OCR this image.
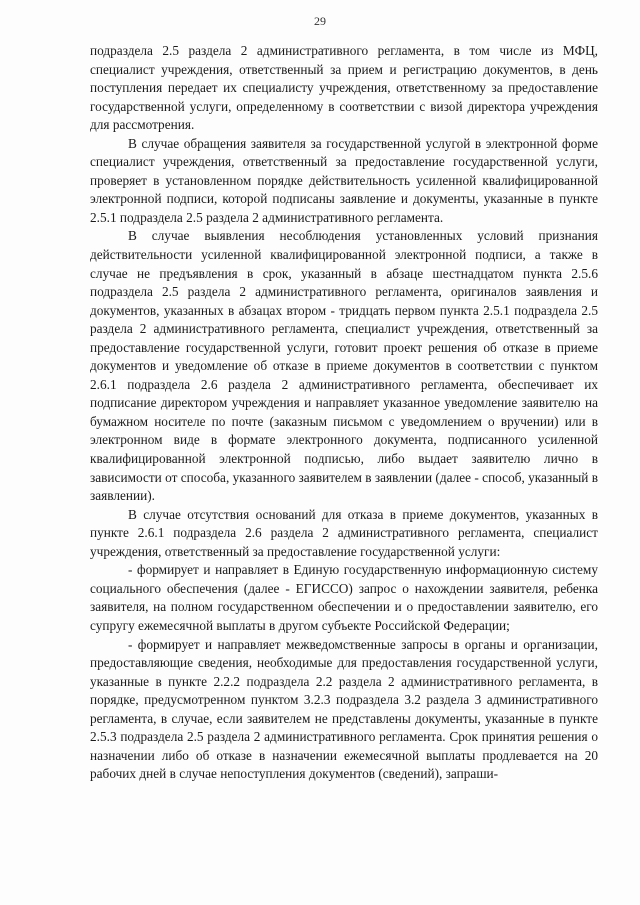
29

подраздела 2.5 раздела 2 административного регламента, в том числе из МФЦ, специалист учреждения, ответственный за прием и регистрацию документов, в день поступления передает их специалисту учреждения, ответственному за предоставление государственной услуги, определенному в соответствии с визой директора учреждения для рассмотрения.

В случае обращения заявителя за государственной услугой в электронной форме специалист учреждения, ответственный за предоставление государственной услуги, проверяет в установленном порядке действительность усиленной квалифицированной электронной подписи, которой подписаны заявление и документы, указанные в пункте 2.5.1 подраздела 2.5 раздела 2 административного регламента.

В случае выявления несоблюдения установленных условий признания действительности усиленной квалифицированной электронной подписи, а также в случае не предъявления в срок, указанный в абзаце шестнадцатом пункта 2.5.6 подраздела 2.5 раздела 2 административного регламента, оригиналов заявления и документов, указанных в абзацах втором - тридцать первом пункта 2.5.1 подраздела 2.5 раздела 2 административного регламента, специалист учреждения, ответственный за предоставление государственной услуги, готовит проект решения об отказе в приеме документов и уведомление об отказе в приеме документов в соответствии с пунктом 2.6.1 подраздела 2.6 раздела 2 административного регламента, обеспечивает их подписание директором учреждения и направляет указанное уведомление заявителю на бумажном носителе по почте (заказным письмом с уведомлением о вручении) или в электронном виде в формате электронного документа, подписанного усиленной квалифицированной электронной подписью, либо выдает заявителю лично в зависимости от способа, указанного заявителем в заявлении (далее - способ, указанный в заявлении).

В случае отсутствия оснований для отказа в приеме документов, указанных в пункте 2.6.1 подраздела 2.6 раздела 2 административного регламента, специалист учреждения, ответственный за предоставление государственной услуги:

- формирует и направляет в Единую государственную информационную систему социального обеспечения (далее - ЕГИССО) запрос о нахождении заявителя, ребенка заявителя, на полном государственном обеспечении и о предоставлении заявителю, его супругу ежемесячной выплаты в другом субъекте Российской Федерации;

- формирует и направляет межведомственные запросы в органы и организации, предоставляющие сведения, необходимые для предоставления государственной услуги, указанные в пункте 2.2.2 подраздела 2.2 раздела 2 административного регламента, в порядке, предусмотренном пунктом 3.2.3 подраздела 3.2 раздела 3 административного регламента, в случае, если заявителем не представлены документы, указанные в пункте 2.5.3 подраздела 2.5 раздела 2 административного регламента. Срок принятия решения о назначении либо об отказе в назначении ежемесячной выплаты продлевается на 20 рабочих дней в случае непоступления документов (сведений), запраши-
